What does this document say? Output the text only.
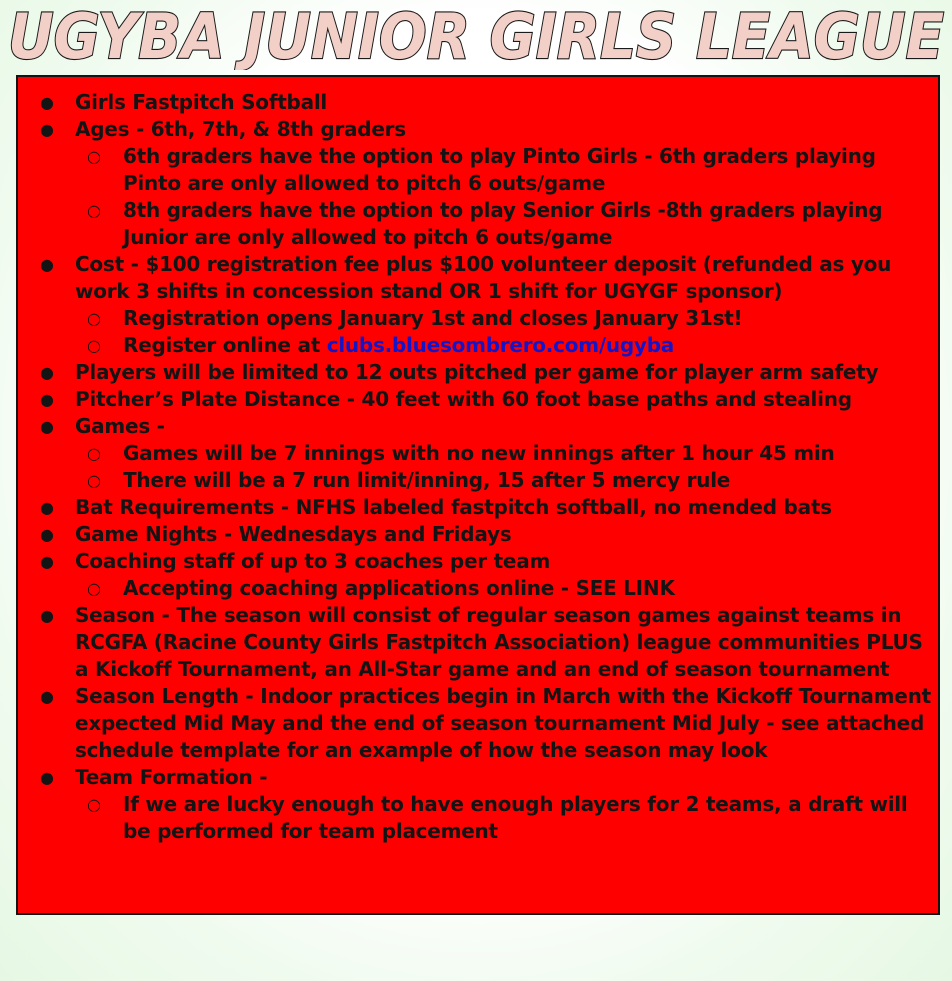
UGYBA JUNIOR GIRLS LEAGUE
● Girls Fastpitch Softball
● Ages - 6th, 7th, & 8th graders
○ 6th graders have the option to play Pinto Girls - 6th graders playing Pinto are only allowed to pitch 6 outs/game
○ 8th graders have the option to play Senior Girls -8th graders playing Junior are only allowed to pitch 6 outs/game
● Cost - $100 registration fee plus $100 volunteer deposit (refunded as you work 3 shifts in concession stand OR 1 shift for UGYGF sponsor)
○ Registration opens January 1st and closes January 31st!
○ Register online at clubs.bluesombrero.com/ugyba
● Players will be limited to 12 outs pitched per game for player arm safety
● Pitcher’s Plate Distance - 40 feet with 60 foot base paths and stealing
● Games -
○ Games will be 7 innings with no new innings after 1 hour 45 min
○ There will be a 7 run limit/inning, 15 after 5 mercy rule
● Bat Requirements - NFHS labeled fastpitch softball, no mended bats
● Game Nights - Wednesdays and Fridays
● Coaching staff of up to 3 coaches per team
○ Accepting coaching applications online - SEE LINK
● Season - The season will consist of regular season games against teams in RCGFA (Racine County Girls Fastpitch Association) league communities PLUS a Kickoff Tournament, an All-Star game and an end of season tournament
● Season Length - Indoor practices begin in March with the Kickoff Tournament expected Mid May and the end of season tournament Mid July - see attached schedule template for an example of how the season may look
● Team Formation -
○ If we are lucky enough to have enough players for 2 teams, a draft will be performed for team placement
